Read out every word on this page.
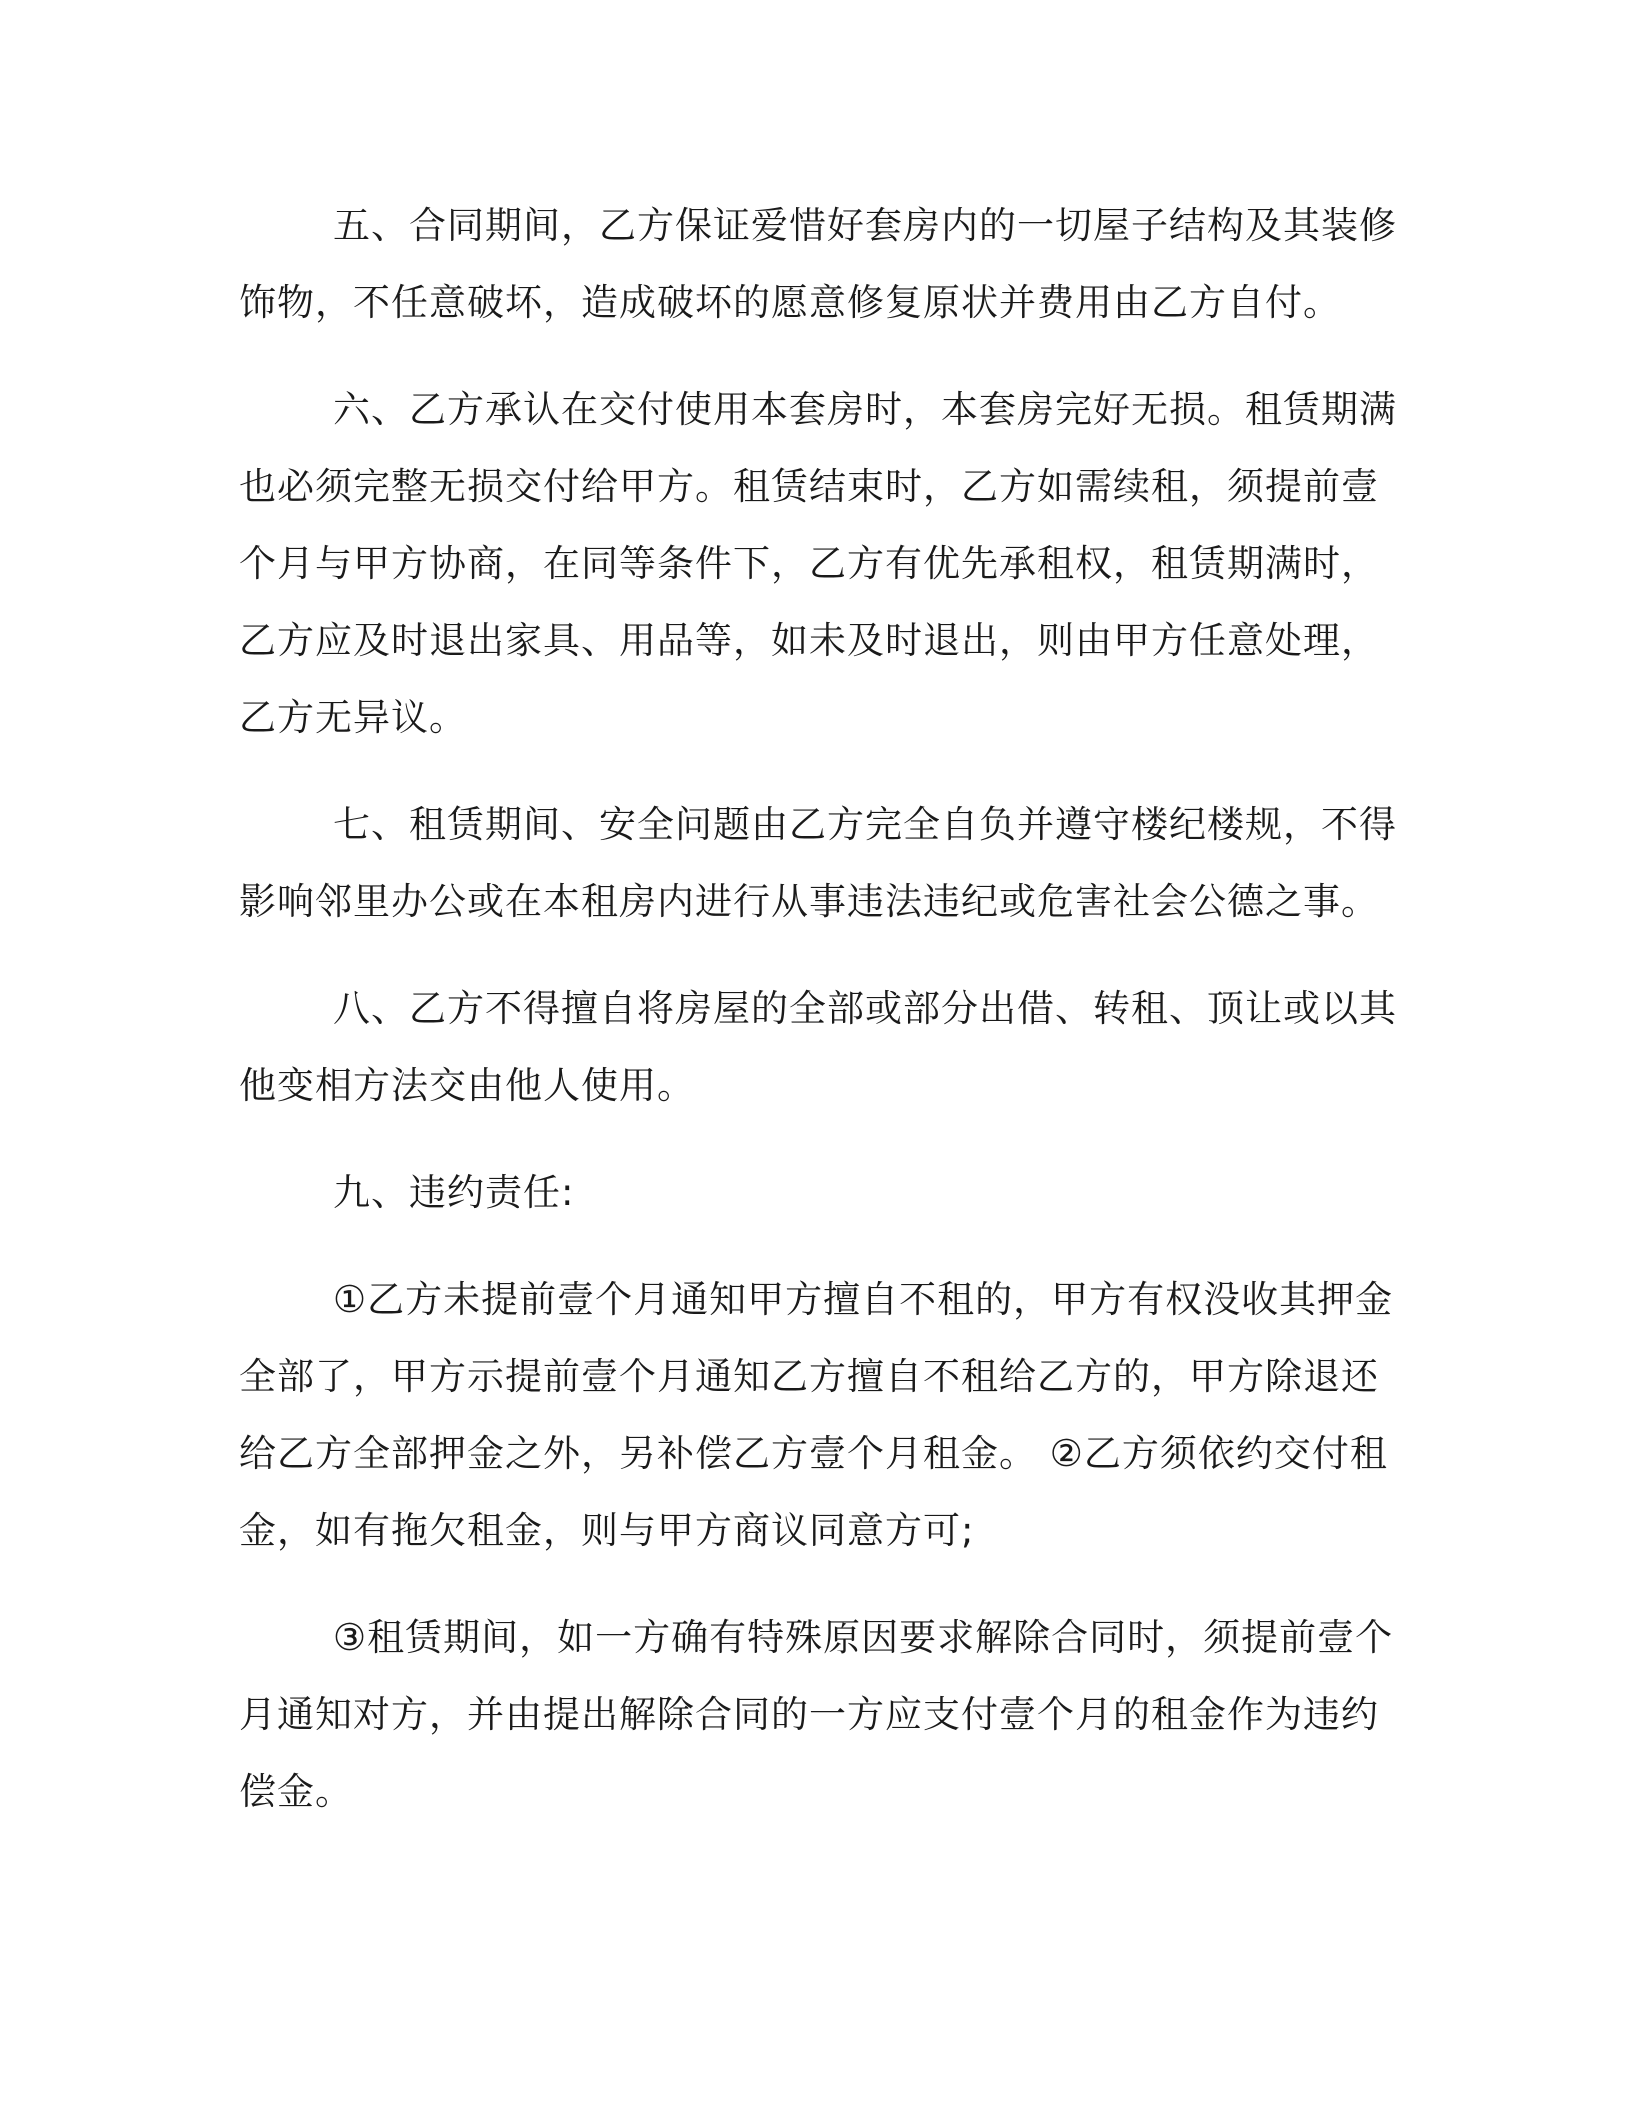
五、合同期间，乙方保证爱惜好套房内的一切屋子结构及其装修
饰物，不任意破坏，造成破坏的愿意修复原状并费用由乙方自付。
六、乙方承认在交付使用本套房时，本套房完好无损。租赁期满
也必须完整无损交付给甲方。租赁结束时，乙方如需续租，须提前壹
个月与甲方协商，在同等条件下，乙方有优先承租权，租赁期满时，
乙方应及时退出家具、用品等，如未及时退出，则由甲方任意处理，
乙方无异议。
七、租赁期间、安全问题由乙方完全自负并遵守楼纪楼规，不得
影响邻里办公或在本租房内进行从事违法违纪或危害社会公德之事。
八、乙方不得擅自将房屋的全部或部分出借、转租、顶让或以其
他变相方法交由他人使用。
九、违约责任:
①乙方未提前壹个月通知甲方擅自不租的，甲方有权没收其押金
全部了，甲方示提前壹个月通知乙方擅自不租给乙方的，甲方除退还
给乙方全部押金之外，另补偿乙方壹个月租金。 ②乙方须依约交付租
金，如有拖欠租金，则与甲方商议同意方可;
③租赁期间，如一方确有特殊原因要求解除合同时，须提前壹个
月通知对方，并由提出解除合同的一方应支付壹个月的租金作为违约
偿金。
